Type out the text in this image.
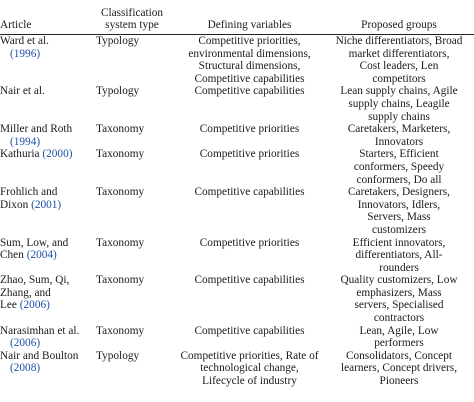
Article	Classification
system type	Defining variables	Proposed groups

Ward et al.
(1996)	Typology	Competitive priorities,
environmental dimensions,
Structural dimensions,
Competitive capabilities	Niche differentiators, Broad
market differentiators,
Cost leaders, Len
competitors

Nair et al.	Typology	Competitive capabilities	Lean supply chains, Agile
supply chains, Leagile
supply chains

Miller and Roth
(1994)	Taxonomy	Competitive priorities	Caretakers, Marketers,
Innovators

Kathuria (2000)	Taxonomy	Competitive priorities	Starters, Efficient
conformers, Speedy
conformers, Do all

Frohlich and
Dixon (2001)	Taxonomy	Competitive capabilities	Caretakers, Designers,
Innovators, Idlers,
Servers, Mass
customizers

Sum, Low, and
Chen (2004)	Taxonomy	Competitive priorities	Efficient innovators,
differentiators, All-
rounders

Zhao, Sum, Qi,
Zhang, and
Lee (2006)	Taxonomy	Competitive capabilities	Quality customizers, Low
emphasizers, Mass
servers, Specialised
contractors

Narasimhan et al.
(2006)	Taxonomy	Competitive capabilities	Lean, Agile, Low
performers

Nair and Boulton
(2008)	Typology	Competitive priorities, Rate of
technological change,
Lifecycle of industry	Consolidators, Concept
learners, Concept drivers,
Pioneers
